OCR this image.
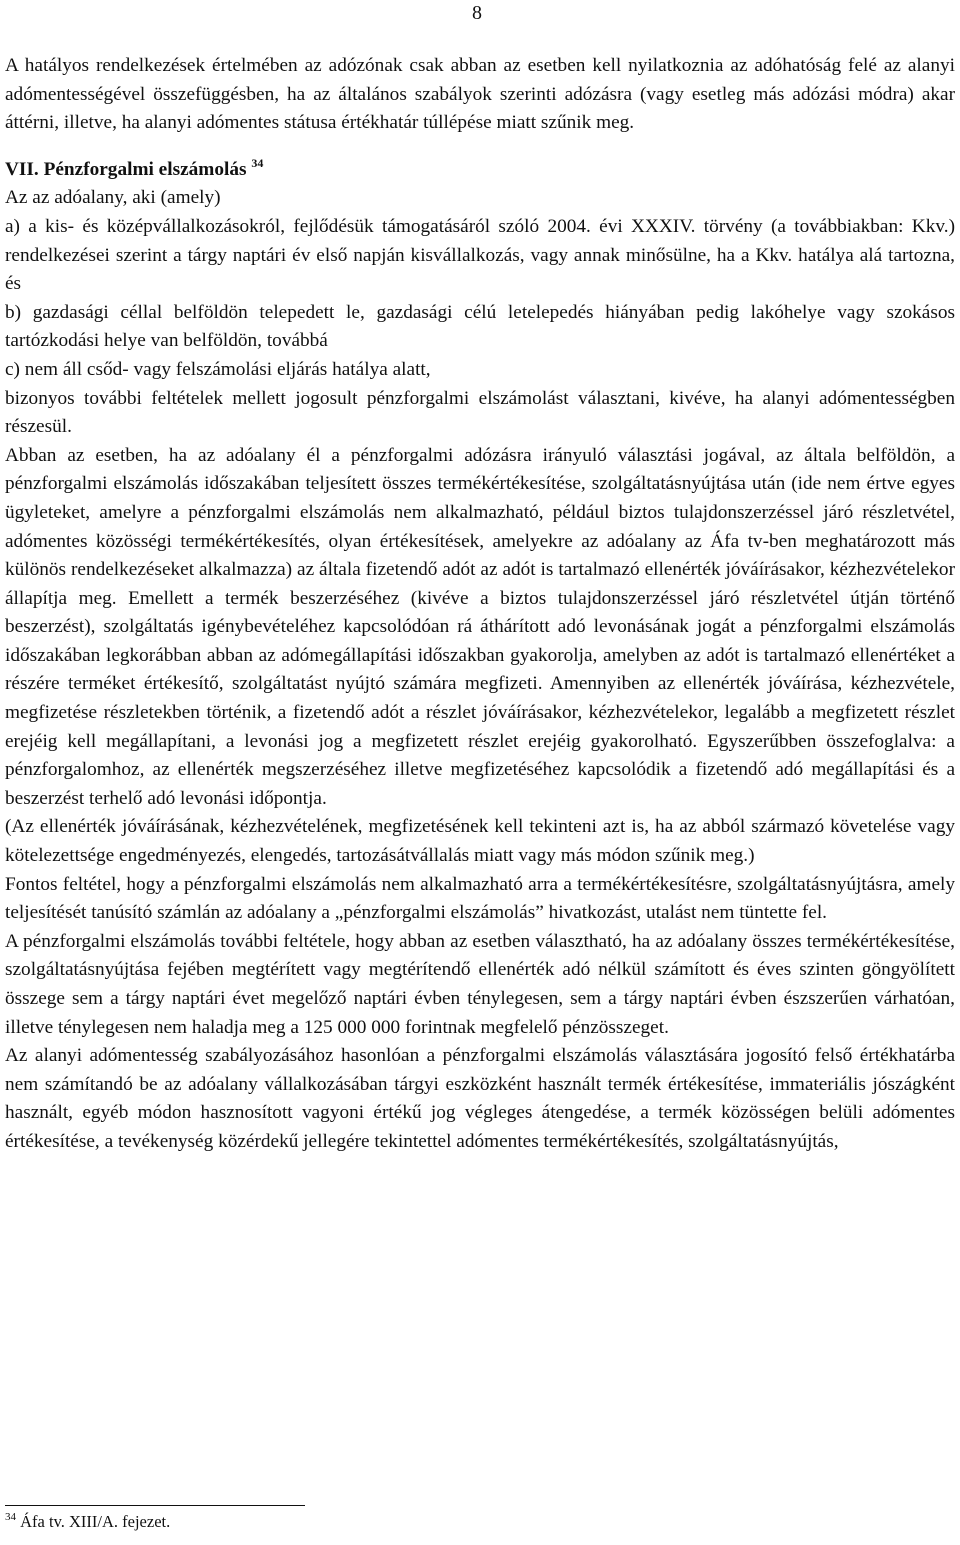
8

A hatályos rendelkezések értelmében az adózónak csak abban az esetben kell nyilatkoznia az adóhatóság felé az alanyi adómentességével összefüggésben, ha az általános szabályok szerinti adózásra (vagy esetleg más adózási módra) akar áttérni, illetve, ha alanyi adómentes státusa értékhatár túllépése miatt szűnik meg.

VII. Pénzforgalmi elszámolás $^{34}$

Az az adóalany, aki (amely)

a) a kis- és középvállalkozásokról, fejlődésük támogatásáról szóló 2004. évi XXXIV. törvény (a továbbiakban: Kkv.) rendelkezései szerint a tárgy naptári év első napján kisvállalkozás, vagy annak minősülne, ha a Kkv. hatálya alá tartozna, és

b) gazdasági céllal belföldön telepedett le, gazdasági célú letelepedés hiányában pedig lakóhelye vagy szokásos tartózkodási helye van belföldön, továbbá

c) nem áll csőd- vagy felszámolási eljárás hatálya alatt,

bizonyos további feltételek mellett jogosult pénzforgalmi elszámolást választani, kivéve, ha alanyi adómentességben részesül.

Abban az esetben, ha az adóalany él a pénzforgalmi adózásra irányuló választási jogával, az általa belföldön, a pénzforgalmi elszámolás időszakában teljesített összes termékértékesítése, szolgáltatásnyújtása után (ide nem értve egyes ügyleteket, amelyre a pénzforgalmi elszámolás nem alkalmazható, például biztos tulajdonszerzéssel járó részletvétel, adómentes közösségi termékértékesítés, olyan értékesítések, amelyekre az adóalany az Áfa tv-ben meghatározott más különös rendelkezéseket alkalmazza) az általa fizetendő adót az adót is tartalmazó ellenérték jóváírásakor, kézhezvételekor állapítja meg. Emellett a termék beszerzéséhez (kivéve a biztos tulajdonszerzéssel járó részletvétel útján történő beszerzést), szolgáltatás igénybevételéhez kapcsolódóan rá áthárított adó levonásának jogát a pénzforgalmi elszámolás időszakában legkorábban abban az adómegállapítási időszakban gyakorolja, amelyben az adót is tartalmazó ellenértéket a részére terméket értékesítő, szolgáltatást nyújtó számára megfizeti. Amennyiben az ellenérték jóváírása, kézhezvétele, megfizetése részletekben történik, a fizetendő adót a részlet jóváírásakor, kézhezvételekor, legalább a megfizetett részlet erejéig kell megállapítani, a levonási jog a megfizetett részlet erejéig gyakorolható. Egyszerűbben összefoglalva: a pénzforgalomhoz, az ellenérték megszerzéséhez illetve megfizetéséhez kapcsolódik a fizetendő adó megállapítási és a beszerzést terhelő adó levonási időpontja.

(Az ellenérték jóváírásának, kézhezvételének, megfizetésének kell tekinteni azt is, ha az abból származó követelése vagy kötelezettsége engedményezés, elengedés, tartozásátvállalás miatt vagy más módon szűnik meg.)

Fontos feltétel, hogy a pénzforgalmi elszámolás nem alkalmazható arra a termékértékesítésre, szolgáltatásnyújtásra, amely teljesítését tanúsító számlán az adóalany a „pénzforgalmi elszámolás” hivatkozást, utalást nem tüntette fel.

A pénzforgalmi elszámolás további feltétele, hogy abban az esetben választható, ha az adóalany összes termékértékesítése, szolgáltatásnyújtása fejében megtérített vagy megtérítendő ellenérték adó nélkül számított és éves szinten göngyölített összege sem a tárgy naptári évet megelőző naptári évben ténylegesen, sem a tárgy naptári évben észszerűen várhatóan, illetve ténylegesen nem haladja meg a 125 000 000 forintnak megfelelő pénzösszeget.

Az alanyi adómentesség szabályozásához hasonlóan a pénzforgalmi elszámolás választására jogosító felső értékhatárba nem számítandó be az adóalany vállalkozásában tárgyi eszközként használt termék értékesítése, immateriális jószágként használt, egyéb módon hasznosított vagyoni értékű jog végleges átengedése, a termék közösségen belüli adómentes értékesítése, a tevékenység közérdekű jellegére tekintettel adómentes termékértékesítés, szolgáltatásnyújtás,

$^{34}$ Áfa tv. XIII/A. fejezet.
